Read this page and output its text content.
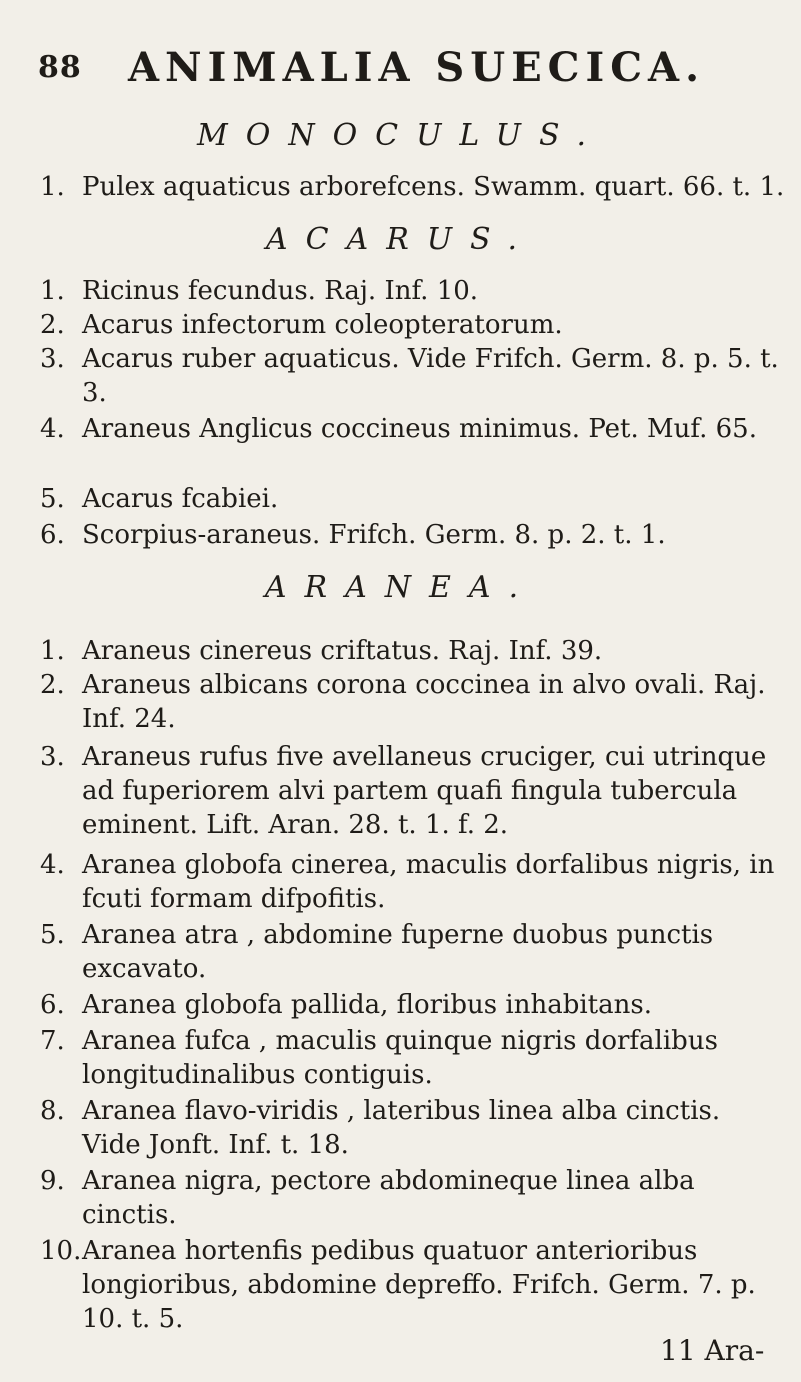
88 ANIMALIA SUECICA.
MONOCULUS.
1. Pulex aquaticus arborefcens. Swamm. quart. 66. t. 1.
ACARUS.
1. Ricinus fecundus. Raj. Inf. 10.
2. Acarus infectorum coleopteratorum.
3. Acarus ruber aquaticus. Vide Frifch. Germ. 8. p. 5. t. 3.
4. Araneus Anglicus coccineus minimus. Pet. Muf. 65.
5. Acarus fcabiei.
6. Scorpius-araneus. Frifch. Germ. 8. p. 2. t. 1.
ARANEA.
1. Araneus cinereus criftatus. Raj. Inf. 39.
2. Araneus albicans corona coccinea in alvo ovali. Raj. Inf. 24.
3. Araneus rufus five avellaneus cruciger, cui utrinque ad fuperiorem alvi partem quafi fingula tubercula eminent. Lift. Aran. 28. t. 1. f. 2.
4. Aranea globofa cinerea, maculis dorfalibus nigris, in fcuti formam difpofitis.
5. Aranea atra , abdomine fuperne duobus punctis excavato.
6. Aranea globofa pallida, floribus inhabitans.
7. Aranea fufca , maculis quinque nigris dorfalibus longitudinalibus contiguis.
8. Aranea flavo-viridis , lateribus linea alba cinctis. Vide Jonft. Inf. t. 18.
9. Aranea nigra, pectore abdomineque linea alba cinctis.
10. Aranea hortenfis pedibus quatuor anterioribus longioribus, abdomine depreffo. Frifch. Germ. 7. p. 10. t. 5.
11 Ara-
